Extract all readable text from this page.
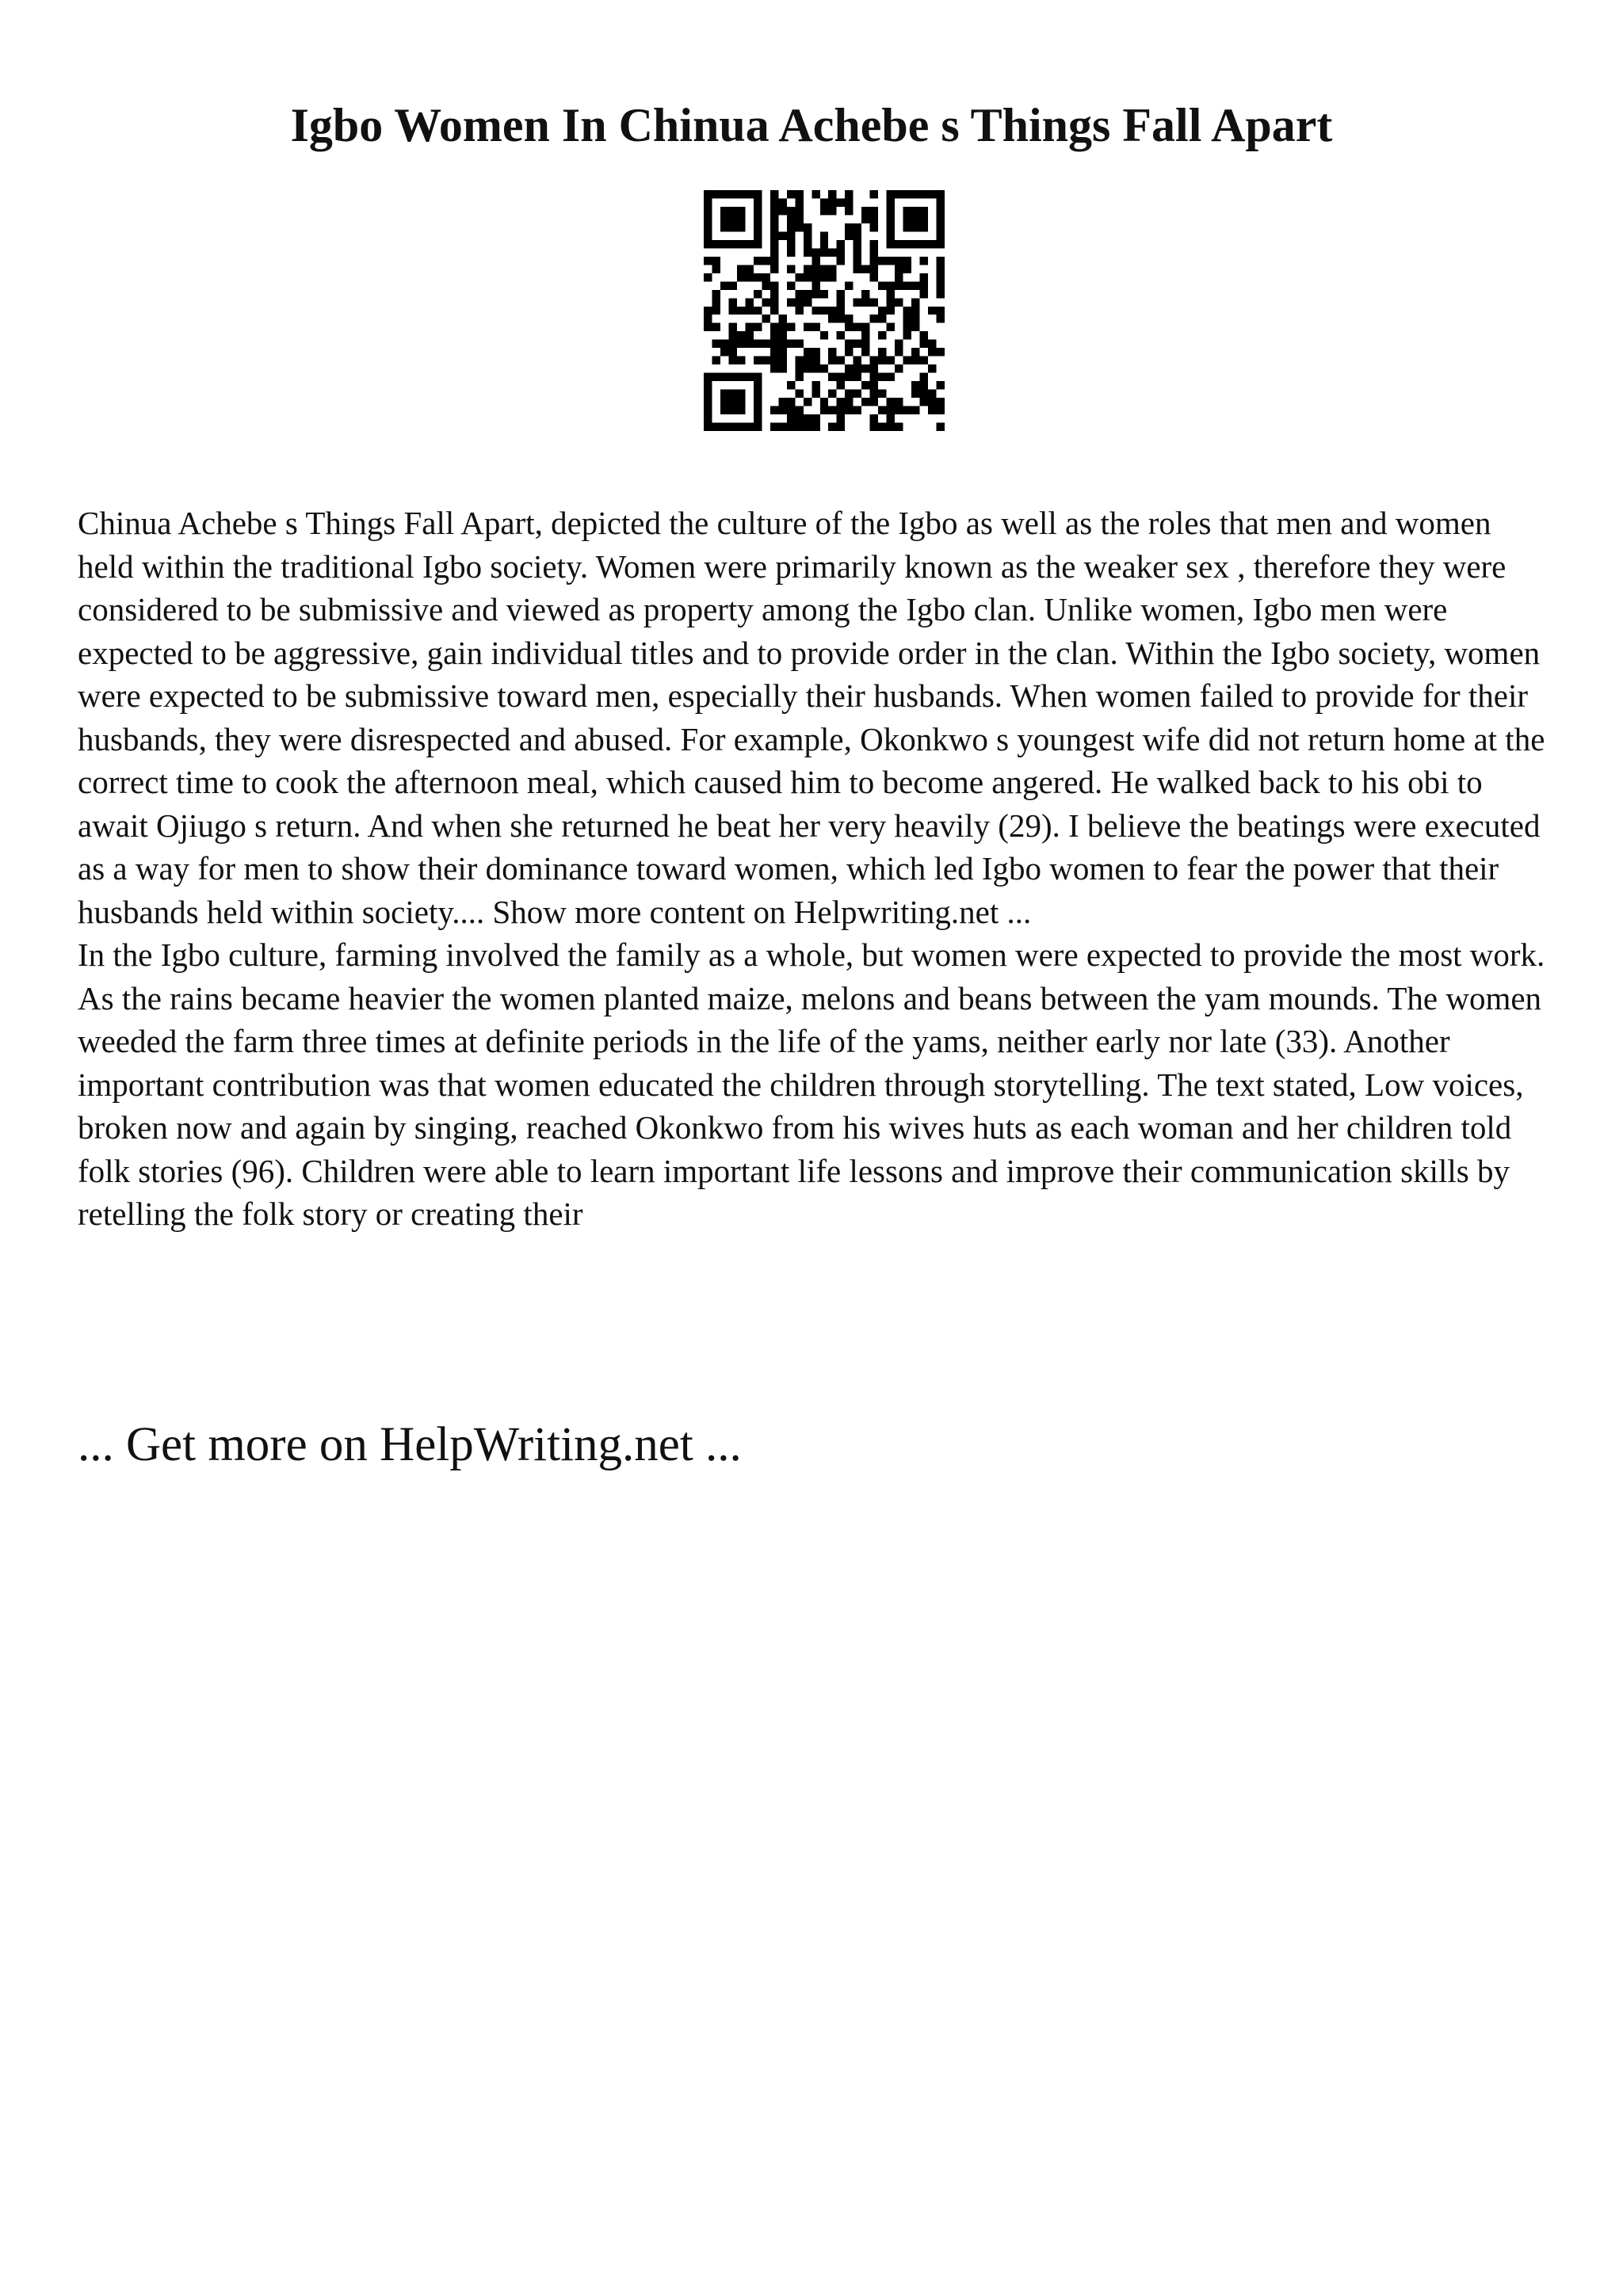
Igbo Women In Chinua Achebe s Things Fall Apart

Chinua Achebe s Things Fall Apart, depicted the culture of the Igbo as well as the roles that men and women held within the traditional Igbo society. Women were primarily known as the weaker sex , therefore they were considered to be submissive and viewed as property among the Igbo clan. Unlike women, Igbo men were expected to be aggressive, gain individual titles and to provide order in the clan. Within the Igbo society, women were expected to be submissive toward men, especially their husbands. When women failed to provide for their husbands, they were disrespected and abused. For example, Okonkwo s youngest wife did not return home at the correct time to cook the afternoon meal, which caused him to become angered. He walked back to his obi to await Ojiugo s return. And when she returned he beat her very heavily (29). I believe the beatings were executed as a way for men to show their dominance toward women, which led Igbo women to fear the power that their husbands held within society.... Show more content on Helpwriting.net ...

In the Igbo culture, farming involved the family as a whole, but women were expected to provide the most work. As the rains became heavier the women planted maize, melons and beans between the yam mounds. The women weeded the farm three times at definite periods in the life of the yams, neither early nor late (33). Another important contribution was that women educated the children through storytelling. The text stated, Low voices, broken now and again by singing, reached Okonkwo from his wives huts as each woman and her children told folk stories (96). Children were able to learn important life lessons and improve their communication skills by retelling the folk story or creating their

... Get more on HelpWriting.net ...
